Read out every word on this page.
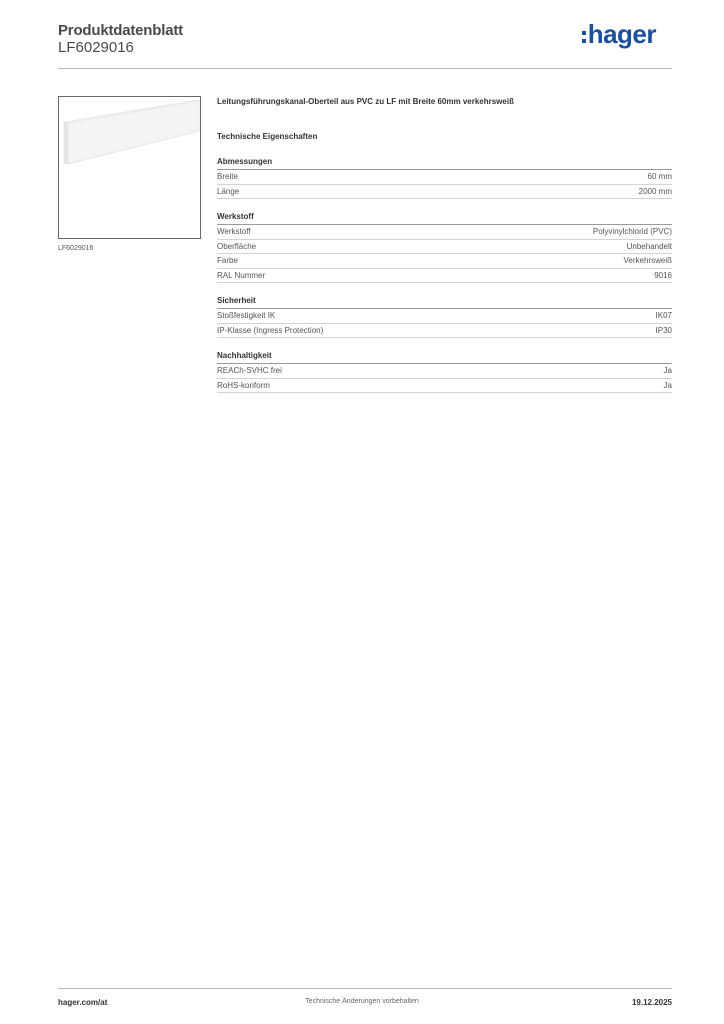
Produktdatenblatt
LF6029016	hager
LF6029016
Leitungsführungskanal-Oberteil aus PVC zu LF mit Breite 60mm verkehrsweiß
Technische Eigenschaften
Abmessungen
Breite	60 mm
Länge	2000 mm
Werkstoff
Werkstoff	Polyvinylchlorid (PVC)
Oberfläche	Unbehandelt
Farbe	Verkehrsweiß
RAL Nummer	9016
Sicherheit
Stoßfestigkeit IK	IK07
IP-Klasse (Ingress Protection)	IP30
Nachhaltigkeit
REACh-SVHC frei	Ja
RoHS-konform	Ja
hager.com/at	Technische Änderungen vorbehalten	19.12.2025
